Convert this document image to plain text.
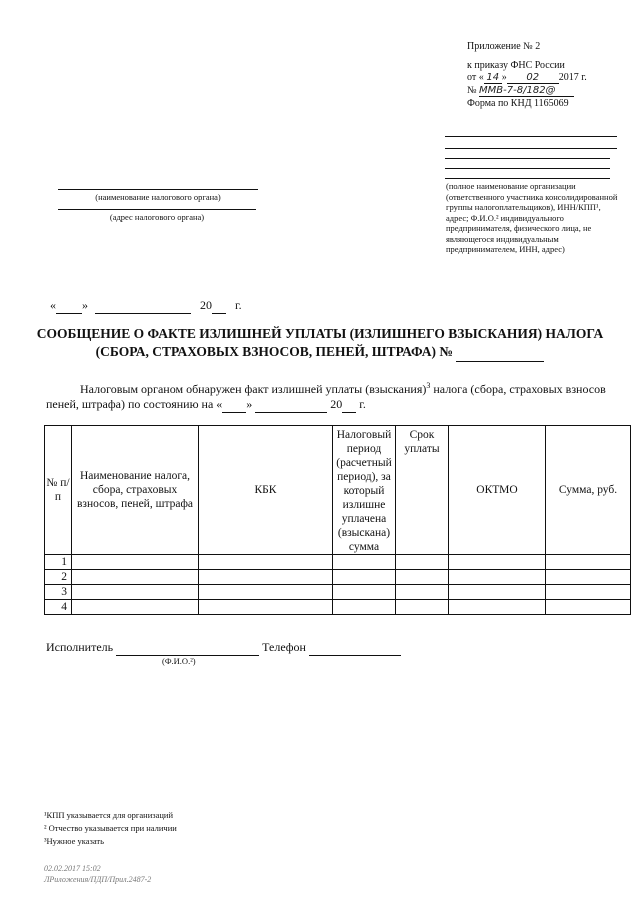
Приложение № 2
к приказу ФНС России
от « 14 » 02 2017 г.
№ ММВ-7-8/182@
Форма по КНД 1165069
(полное наименование организации (ответственного участника консолидированной группы налогоплательщиков), ИНН/КПП¹, адрес; Ф.И.О.² индивидуального предпринимателя, физического лица, не являющегося индивидуальным предпринимателем, ИНН, адрес)
(наименование налогового органа)
(адрес налогового органа)
« »	20 г.
СООБЩЕНИЕ О ФАКТЕ ИЗЛИШНЕЙ УПЛАТЫ (ИЗЛИШНЕГО ВЗЫСКАНИЯ) НАЛОГА
(СБОРА, СТРАХОВЫХ ВЗНОСОВ, ПЕНЕЙ, ШТРАФА) №
Налоговым органом обнаружен факт излишней уплаты (взыскания)$^3$ налога (сбора, страховых взносов
пеней, штрафа) по состоянию на « »	20 г.
№ п/п	Наименование налога, сбора, страховых взносов, пеней, штрафа	КБК	Налоговый период (расчетный период), за который излишне уплачена (взыскана) сумма	Срок уплаты	ОКТМО	Сумма, руб.
1						
2						
3						
4						
Исполнитель	Телефон
(Ф.И.О.²)
¹КПП указывается для организаций
² Отчество указывается при наличии
³Нужное указать
02.02.2017 15:02
ЛРиложения/ПДП/Прил.2487-2
